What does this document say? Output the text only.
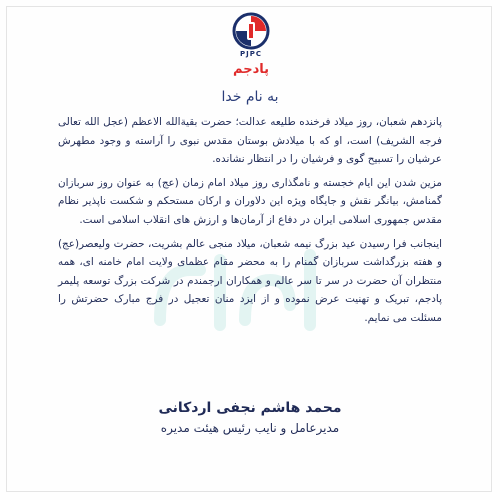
PJPC
پادجم
به نام خدا

پانزدهم شعبان، روز میلاد فرخنده طلیعه عدالت؛ حضرت بقیةالله الاعظم (عجل الله تعالی فرجه الشریف) است، او که با میلادش بوستان مقدس نبوی را آراسته و وجود مطهرش عرشیان را تسبیح گوی و فرشیان را در انتظار نشانده.

مزین شدن این ایام خجسته و نامگذاری روز میلاد امام زمان (عج) به عنوان روز سربازان گمنامش، بیانگر نقش و جایگاه ویژه این دلاوران و ارکان مستحکم و شکست ناپذیر نظام مقدس جمهوری اسلامی ایران در دفاع از آرمان‌ها و ارزش های انقلاب اسلامی است.

اینجانب فرا رسیدن عید بزرگ نیمه شعبان، میلاد منجی عالم بشریت، حضرت ولیعصر(عج) و هفته بزرگداشت سربازان گمنام را به محضر مقام عظمای ولایت امام خامنه ای، همه منتظران آن حضرت در سر تا سر عالم و همکاران ارجمندم در شرکت بزرگ توسعه پلیمر پادجم، تبریک و تهنیت عرض نموده و از ایزد منان تعجیل در فرج مبارک حضرتش را مسئلت می نمایم.

محمد هاشم نجفی اردکانی
مدیرعامل و نایب رئیس هیئت مدیره
